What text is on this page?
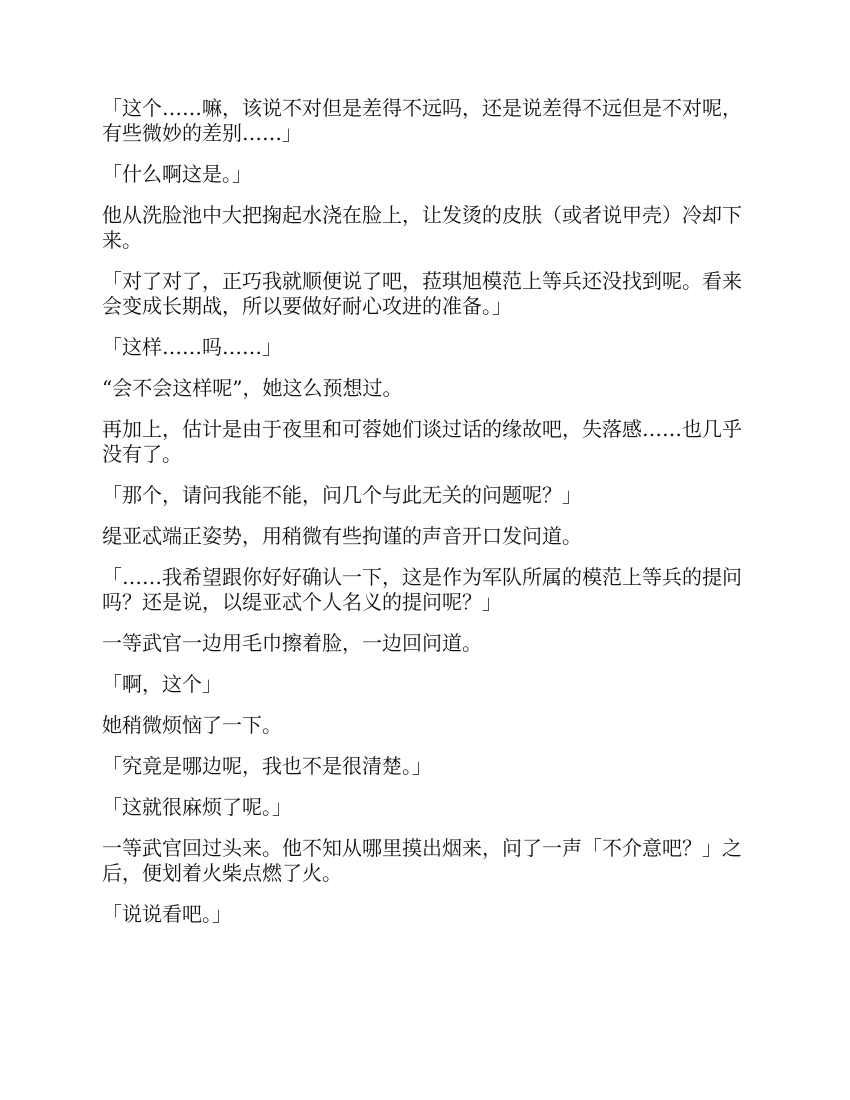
「这个……嘛，该说不对但是差得不远吗，还是说差得不远但是不对呢，有些微妙的差别……」

「什么啊这是。」

他从洗脸池中大把掬起水浇在脸上，让发烫的皮肤（或者说甲壳）冷却下来。

「对了对了，正巧我就顺便说了吧，菈琪旭模范上等兵还没找到呢。看来会变成长期战，所以要做好耐心攻进的准备。」

「这样……吗……」

“会不会这样呢”，她这么预想过。

再加上，估计是由于夜里和可蓉她们谈过话的缘故吧，失落感……也几乎没有了。

「那个，请问我能不能，问几个与此无关的问题呢？」

缇亚忒端正姿势，用稍微有些拘谨的声音开口发问道。

「……我希望跟你好好确认一下，这是作为军队所属的模范上等兵的提问吗？还是说，以缇亚忒个人名义的提问呢？」

一等武官一边用毛巾擦着脸，一边回问道。

「啊，这个」

她稍微烦恼了一下。

「究竟是哪边呢，我也不是很清楚。」

「这就很麻烦了呢。」

一等武官回过头来。他不知从哪里摸出烟来，问了一声「不介意吧？」之后，便划着火柴点燃了火。

「说说看吧。」
